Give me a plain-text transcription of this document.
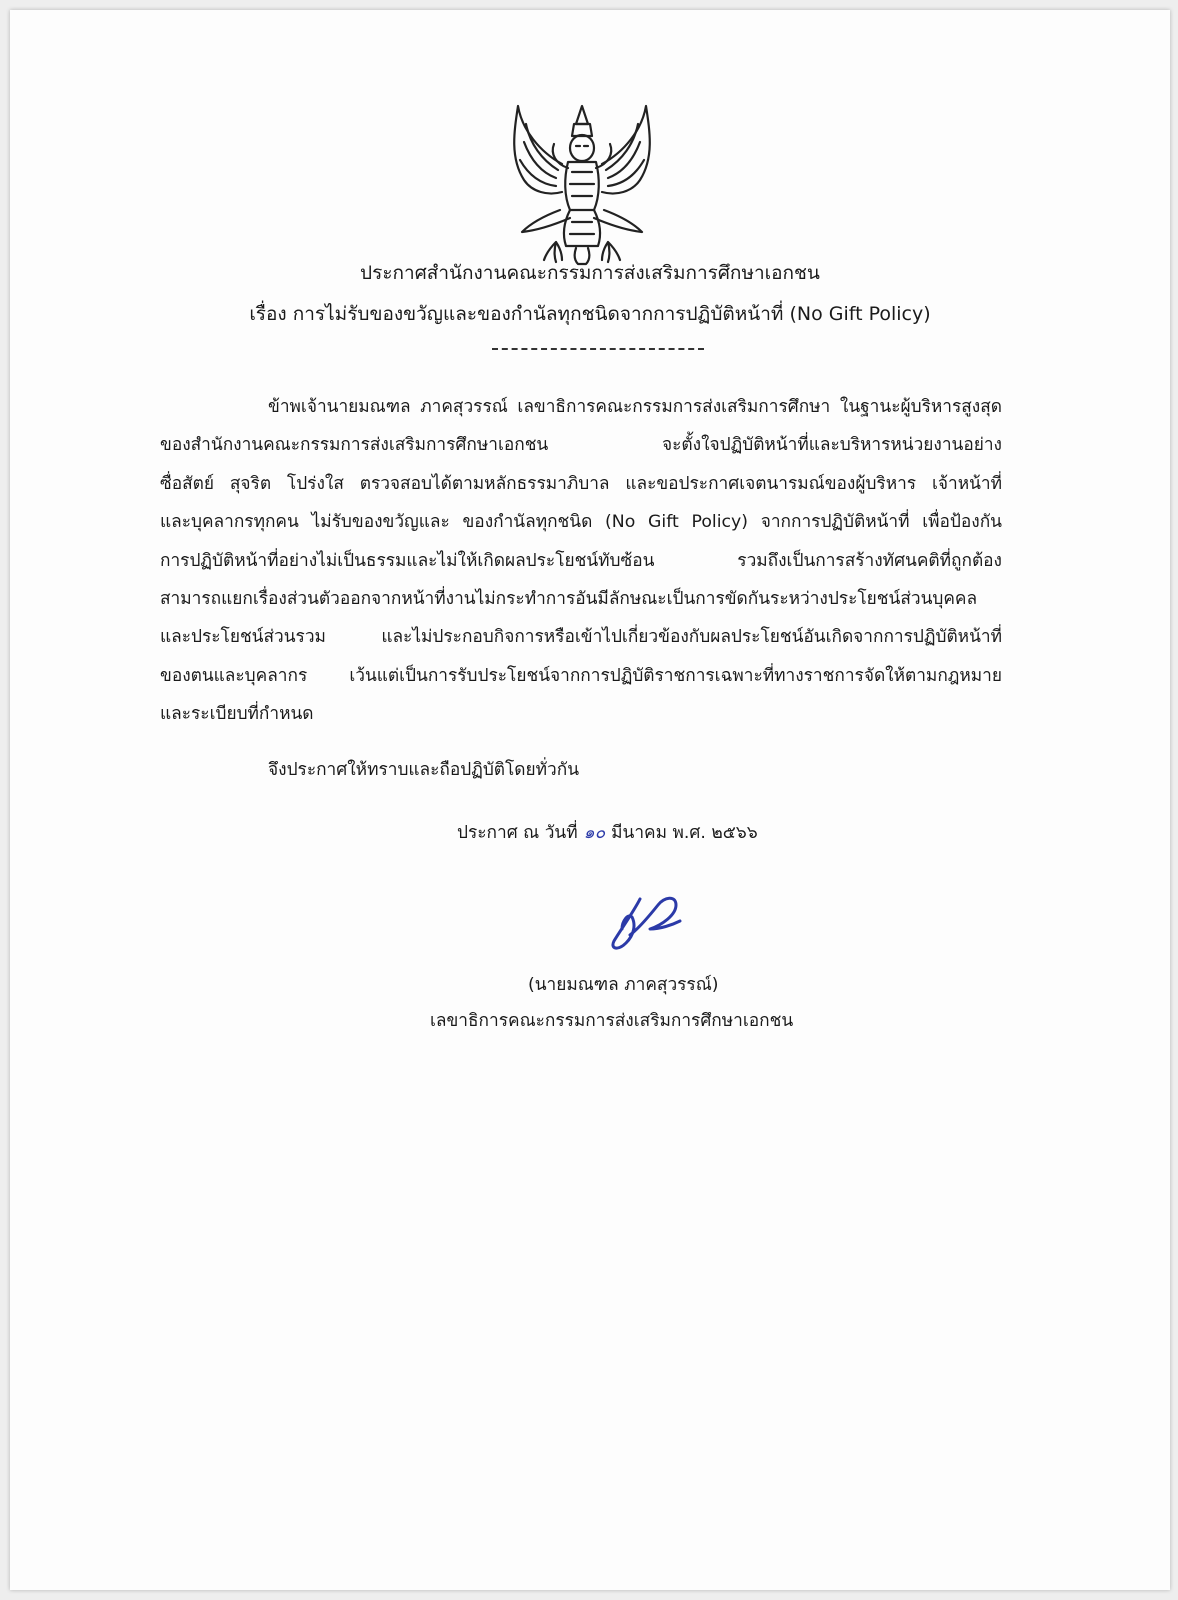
ประกาศสำนักงานคณะกรรมการส่งเสริมการศึกษาเอกชน
เรื่อง การไม่รับของขวัญและของกำนัลทุกชนิดจากการปฏิบัติหน้าที่ (No Gift Policy)
ข้าพเจ้านายมณฑล ภาคสุวรรณ์ เลขาธิการคณะกรรมการส่งเสริมการศึกษา ในฐานะผู้บริหารสูงสุด
ของสำนักงานคณะกรรมการส่งเสริมการศึกษาเอกชน จะตั้งใจปฏิบัติหน้าที่และบริหารหน่วยงานอย่าง
ซื่อสัตย์ สุจริต โปร่งใส ตรวจสอบได้ตามหลักธรรมาภิบาล และขอประกาศเจตนารมณ์ของผู้บริหาร เจ้าหน้าที่
และบุคลากรทุกคน ไม่รับของขวัญและ ของกำนัลทุกชนิด (No Gift Policy) จากการปฏิบัติหน้าที่ เพื่อป้องกัน
การปฏิบัติหน้าที่อย่างไม่เป็นธรรมและไม่ให้เกิดผลประโยชน์ทับซ้อน รวมถึงเป็นการสร้างทัศนคติที่ถูกต้อง
สามารถแยกเรื่องส่วนตัวออกจากหน้าที่งานไม่กระทำการอันมีลักษณะเป็นการขัดกันระหว่างประโยชน์ส่วนบุคคล
และประโยชน์ส่วนรวม และไม่ประกอบกิจการหรือเข้าไปเกี่ยวข้องกับผลประโยชน์อันเกิดจากการปฏิบัติหน้าที่
ของตนและบุคลากร เว้นแต่เป็นการรับประโยชน์จากการปฏิบัติราชการเฉพาะที่ทางราชการจัดให้ตามกฎหมาย
และระเบียบที่กำหนด
จึงประกาศให้ทราบและถือปฏิบัติโดยทั่วกัน
ประกาศ ณ วันที่ ๑๐ มีนาคม พ.ศ. ๒๕๖๖
(นายมณฑล ภาคสุวรรณ์)
เลขาธิการคณะกรรมการส่งเสริมการศึกษาเอกชน
